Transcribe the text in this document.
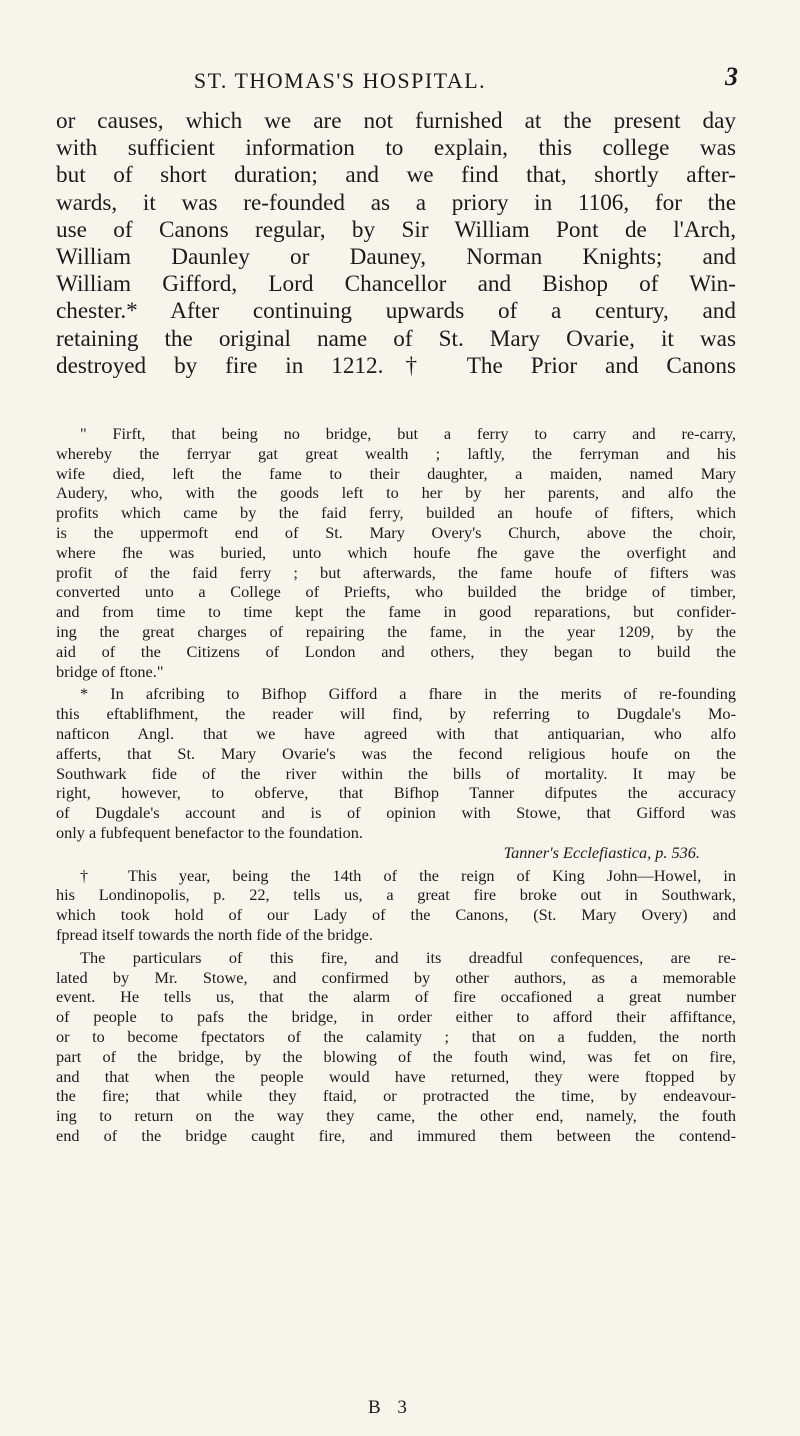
ST. THOMAS'S HOSPITAL.	3
or causes, which we are not furnished at the present day
with sufficient information to explain, this college was
but of short duration; and we find that, shortly after-
wards, it was re-founded as a priory in 1106, for the
use of Canons regular, by Sir William Pont de l'Arch,
William Daunley or Dauney, Norman Knights; and
William Gifford, Lord Chancellor and Bishop of Win-
chester.* After continuing upwards of a century, and
retaining the original name of St. Mary Ovarie, it was
destroyed by fire in 1212.† The Prior and Canons
" Firft, that being no bridge, but a ferry to carry and re-carry,
whereby the ferryar gat great wealth ; laftly, the ferryman and his
wife died, left the fame to their daughter, a maiden, named Mary
Audery, who, with the goods left to her by her parents, and alfo the
profits which came by the faid ferry, builded an houfe of fifters, which
is the uppermoft end of St. Mary Overy's Church, above the choir,
where fhe was buried, unto which houfe fhe gave the overfight and
profit of the faid ferry ; but afterwards, the fame houfe of fifters was
converted unto a College of Priefts, who builded the bridge of timber,
and from time to time kept the fame in good reparations, but confider-
ing the great charges of repairing the fame, in the year 1209, by the
aid of the Citizens of London and others, they began to build the
bridge of ftone."
* In afcribing to Bifhop Gifford a fhare in the merits of re-founding
this eftablifhment, the reader will find, by referring to Dugdale's Mo-
nafticon Angl. that we have agreed with that antiquarian, who alfo
afferts, that St. Mary Ovarie's was the fecond religious houfe on the
Southwark fide of the river within the bills of mortality. It may be
right, however, to obferve, that Bifhop Tanner difputes the accuracy
of Dugdale's account and is of opinion with Stowe, that Gifford was
only a fubfequent benefactor to the foundation.
Tanner's Ecclefiastica, p. 536.
† This year, being the 14th of the reign of King John—Howel, in
his Londinopolis, p. 22, tells us, a great fire broke out in Southwark,
which took hold of our Lady of the Canons, (St. Mary Overy) and
fpread itself towards the north fide of the bridge.
The particulars of this fire, and its dreadful confequences, are re-
lated by Mr. Stowe, and confirmed by other authors, as a memorable
event. He tells us, that the alarm of fire occafioned a great number
of people to pafs the bridge, in order either to afford their affiftance,
or to become fpectators of the calamity ; that on a fudden, the north
part of the bridge, by the blowing of the fouth wind, was fet on fire,
and that when the people would have returned, they were ftopped by
the fire; that while they ftaid, or protracted the time, by endeavour-
ing to return on the way they came, the other end, namely, the fouth
end of the bridge caught fire, and immured them between the contend-
B 3
